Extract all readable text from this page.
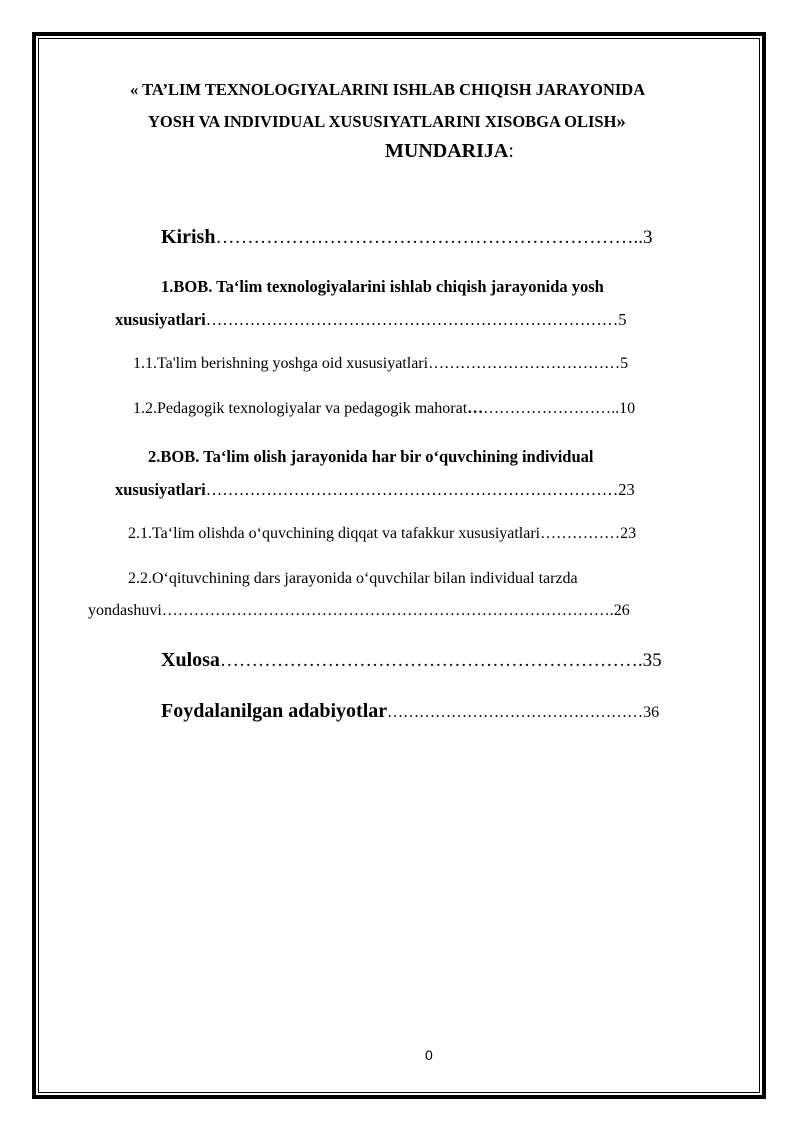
« TA’LIM TEXNOLOGIYALARINI ISHLAB CHIQISH JARAYONIDA
YOSH VA INDIVIDUAL XUSUSIYATLARINI XISOBGA OLISH»
MUNDARIJA:
Kirish…………………………………………………………..3
1.BOB. Ta‘lim texnologiyalarini ishlab chiqish jarayonida yosh
xususiyatlari…………………………………………………………………5
1.1.Ta'lim berishning yoshga oid xususiyatlari………………………………5
1.2.Pedagogik texnologiyalar va pedagogik mahorat………………………..10
2.BOB. Ta‘lim olish jarayonida har bir o‘quvchining individual
xususiyatlari…………………………………………………………………23
2.1.Ta‘lim olishda o‘quvchining diqqat va tafakkur xususiyatlari……………23
2.2.O‘qituvchining dars jarayonida o‘quvchilar bilan individual tarzda
yondashuvi………………………………………………………………………….26
Xulosa………………………………………………………….35
Foydalanilgan adabiyotlar…………………………………………36
0
